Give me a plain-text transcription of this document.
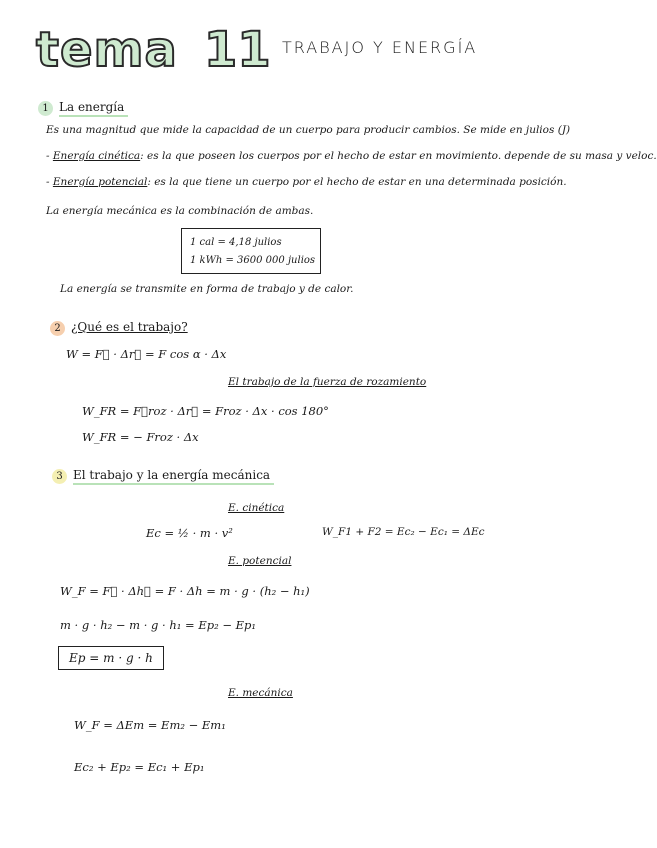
tema 11 TRABAJO Y ENERGÍA
1 La energía
Es una magnitud que mide la capacidad de un cuerpo para producir cambios. Se mide en julios (J)
- Energía cinética: es la que poseen los cuerpos por el hecho de estar en movimiento. depende de su masa y veloc.
- Energía potencial: es la que tiene un cuerpo por el hecho de estar en una determinada posición.
La energía mecánica es la combinación de ambas.
1 cal = 4,18 julios
1 kWh = 3600 000 julios
La energía se transmite en forma de trabajo y de calor.
2 ¿Qué es el trabajo?
W = F⃗ · Δr⃗ = F cos α · Δx
El trabajo de la fuerza de rozamiento
W_FR = F⃗roz · Δr⃗ = Froz · Δx · cos 180°
W_FR = − Froz · Δx
3 El trabajo y la energía mecánica
E. cinética
Ec = ½ · m · v²	W_F1 + F2 = Ec₂ − Ec₁ = ΔEc
E. potencial
W_F = F⃗ · Δh⃗ = F · Δh = m · g · (h₂ − h₁)
m · g · h₂ − m · g · h₁ = Ep₂ − Ep₁
Ep = m · g · h
E. mecánica
W_F = ΔEm = Em₂ − Em₁
Ec₂ + Ep₂ = Ec₁ + Ep₁
